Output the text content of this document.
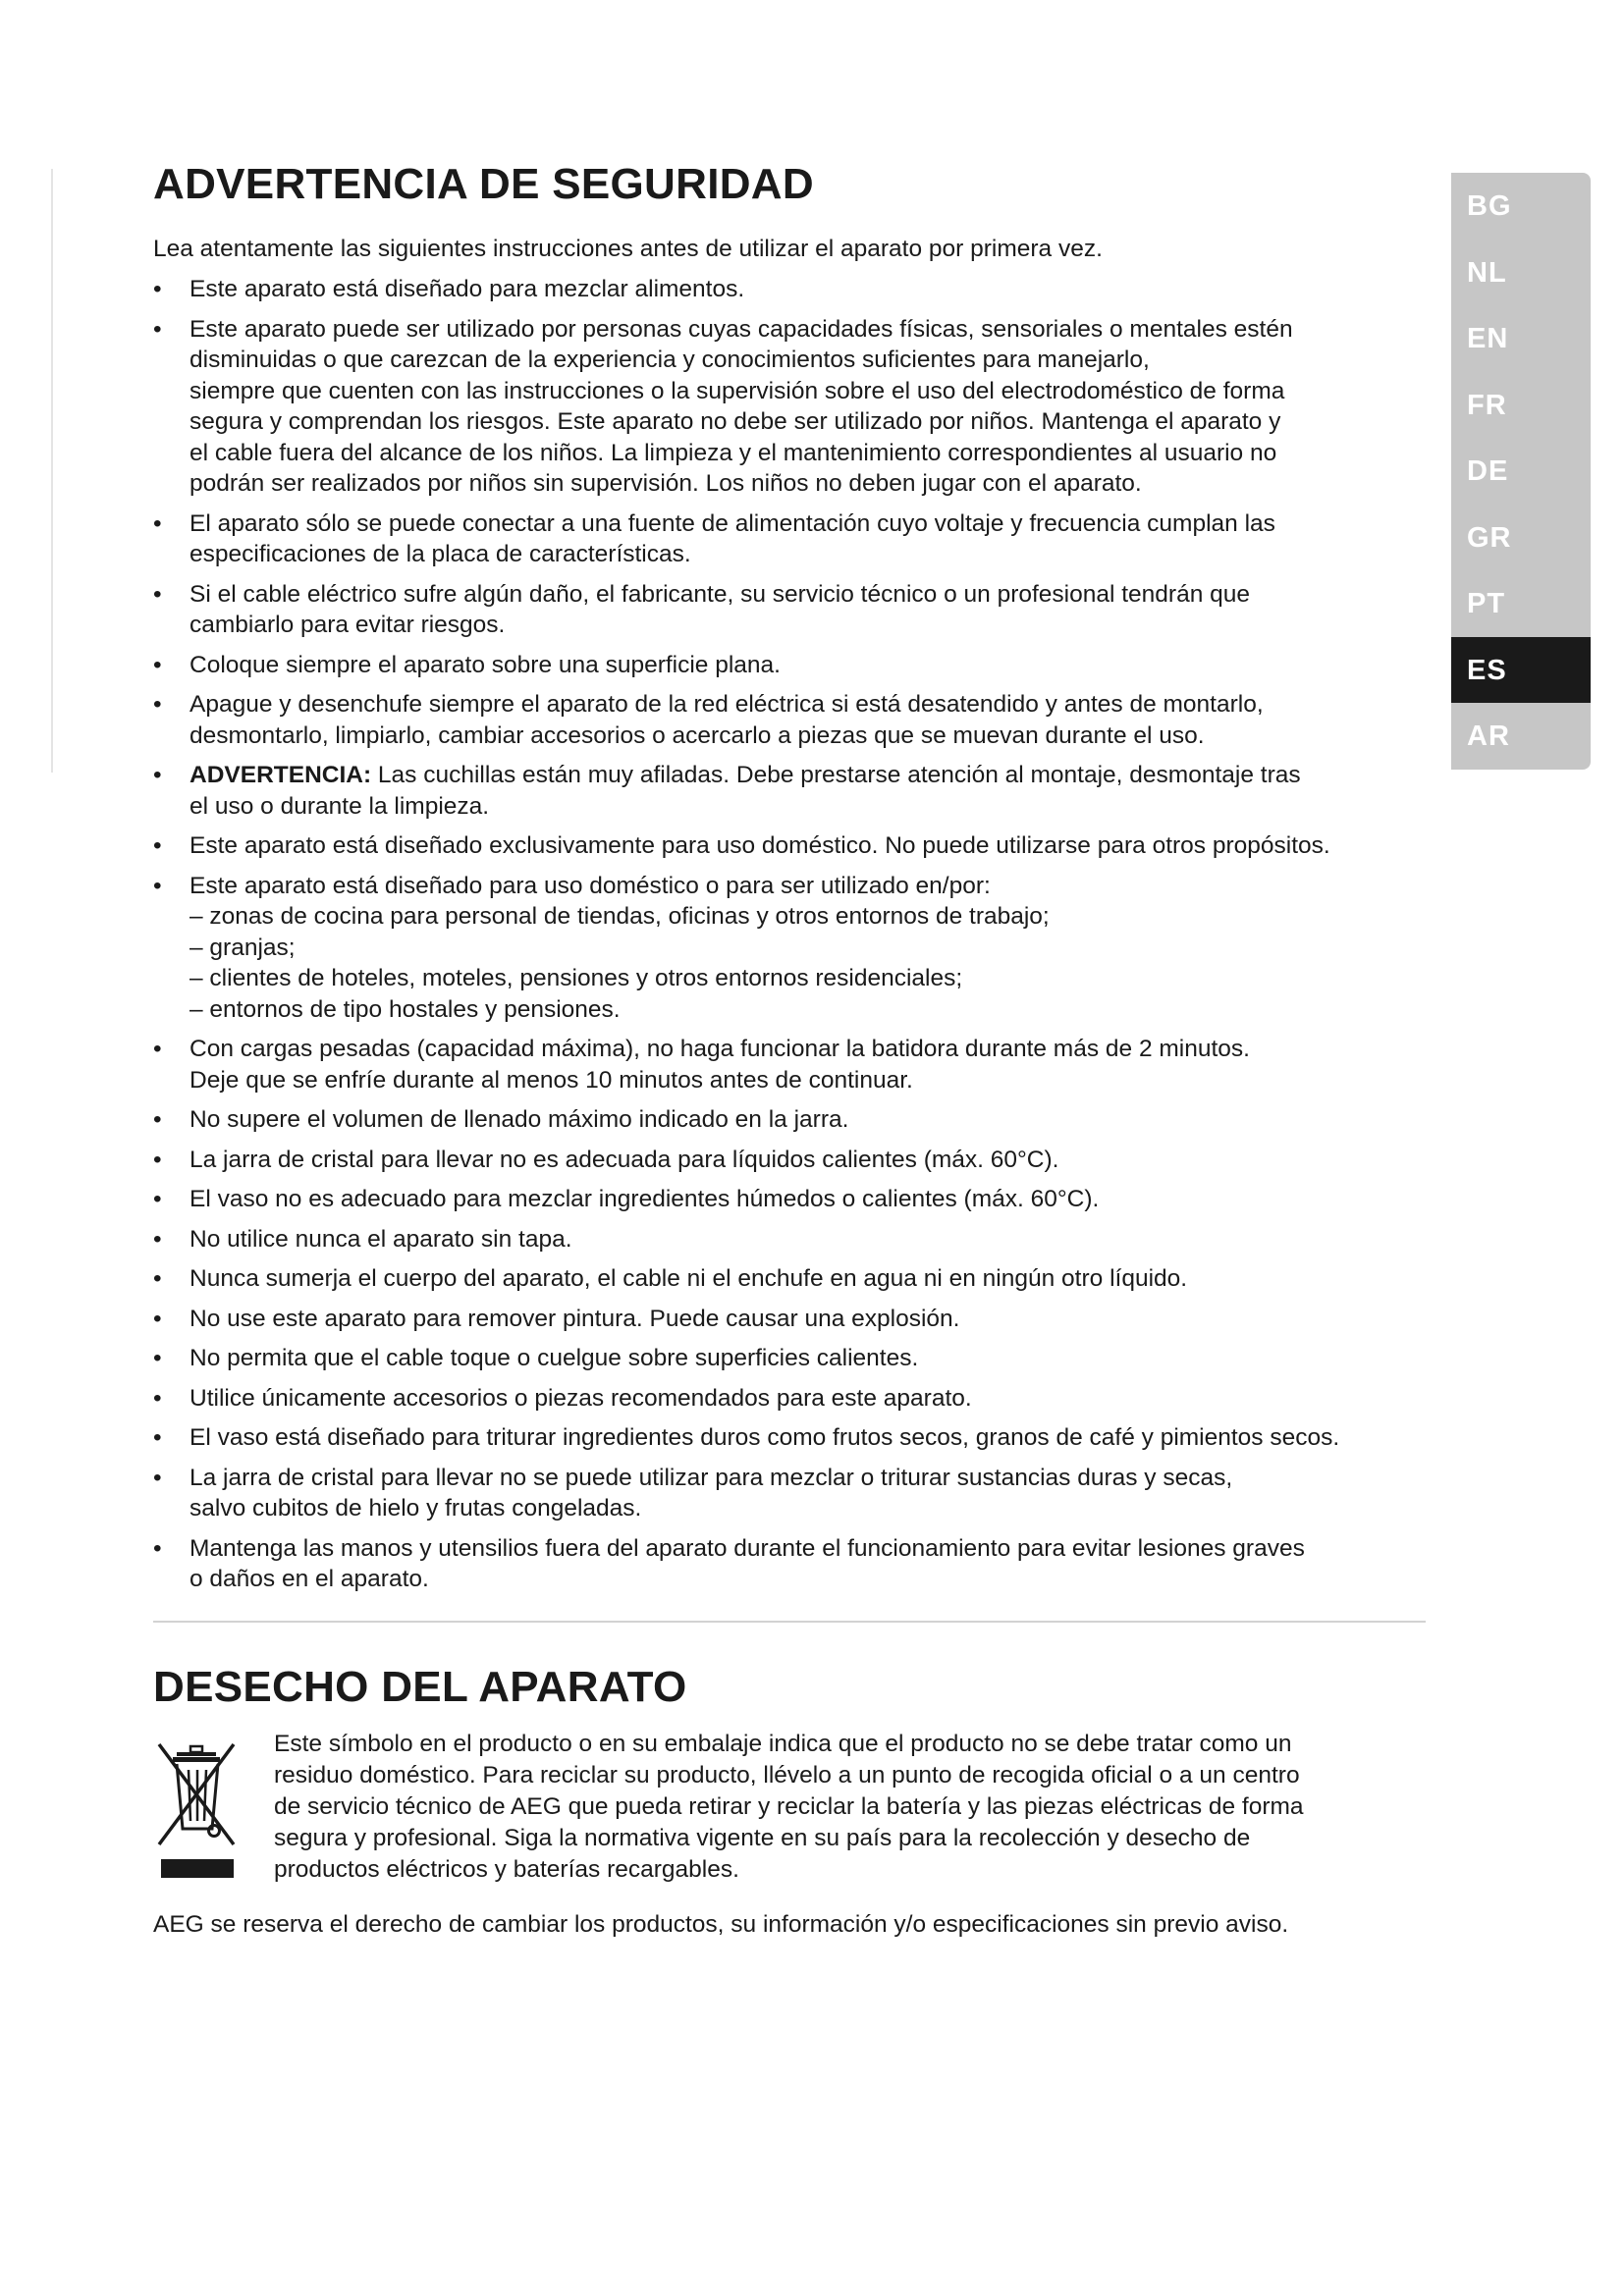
ADVERTENCIA DE SEGURIDAD

Lea atentamente las siguientes instrucciones antes de utilizar el aparato por primera vez.

• Este aparato está diseñado para mezclar alimentos.
• Este aparato puede ser utilizado por personas cuyas capacidades físicas, sensoriales o mentales estén
disminuidas o que carezcan de la experiencia y conocimientos suficientes para manejarlo,
siempre que cuenten con las instrucciones o la supervisión sobre el uso del electrodoméstico de forma
segura y comprendan los riesgos. Este aparato no debe ser utilizado por niños. Mantenga el aparato y
el cable fuera del alcance de los niños. La limpieza y el mantenimiento correspondientes al usuario no
podrán ser realizados por niños sin supervisión. Los niños no deben jugar con el aparato.
• El aparato sólo se puede conectar a una fuente de alimentación cuyo voltaje y frecuencia cumplan las
especificaciones de la placa de características.
• Si el cable eléctrico sufre algún daño, el fabricante, su servicio técnico o un profesional tendrán que
cambiarlo para evitar riesgos.
• Coloque siempre el aparato sobre una superficie plana.
• Apague y desenchufe siempre el aparato de la red eléctrica si está desatendido y antes de montarlo,
desmontarlo, limpiarlo, cambiar accesorios o acercarlo a piezas que se muevan durante el uso.
• ADVERTENCIA: Las cuchillas están muy afiladas. Debe prestarse atención al montaje, desmontaje tras
el uso o durante la limpieza.
• Este aparato está diseñado exclusivamente para uso doméstico. No puede utilizarse para otros propósitos.
• Este aparato está diseñado para uso doméstico o para ser utilizado en/por:
– zonas de cocina para personal de tiendas, oficinas y otros entornos de trabajo;
– granjas;
– clientes de hoteles, moteles, pensiones y otros entornos residenciales;
– entornos de tipo hostales y pensiones.
• Con cargas pesadas (capacidad máxima), no haga funcionar la batidora durante más de 2 minutos.
Deje que se enfríe durante al menos 10 minutos antes de continuar.
• No supere el volumen de llenado máximo indicado en la jarra.
• La jarra de cristal para llevar no es adecuada para líquidos calientes (máx. 60°C).
• El vaso no es adecuado para mezclar ingredientes húmedos o calientes (máx. 60°C).
• No utilice nunca el aparato sin tapa.
• Nunca sumerja el cuerpo del aparato, el cable ni el enchufe en agua ni en ningún otro líquido.
• No use este aparato para remover pintura. Puede causar una explosión.
• No permita que el cable toque o cuelgue sobre superficies calientes.
• Utilice únicamente accesorios o piezas recomendados para este aparato.
• El vaso está diseñado para triturar ingredientes duros como frutos secos, granos de café y pimientos secos.
• La jarra de cristal para llevar no se puede utilizar para mezclar o triturar sustancias duras y secas,
salvo cubitos de hielo y frutas congeladas.
• Mantenga las manos y utensilios fuera del aparato durante el funcionamiento para evitar lesiones graves
o daños en el aparato.
DESECHO DEL APARATO
Este símbolo en el producto o en su embalaje indica que el producto no se debe tratar como un
residuo doméstico. Para reciclar su producto, llévelo a un punto de recogida oficial o a un centro
de servicio técnico de AEG que pueda retirar y reciclar la batería y las piezas eléctricas de forma
segura y profesional. Siga la normativa vigente en su país para la recolección y desecho de
productos eléctricos y baterías recargables.

AEG se reserva el derecho de cambiar los productos, su información y/o especificaciones sin previo aviso.

BG
NL
EN
FR
DE
GR
PT
ES
AR
